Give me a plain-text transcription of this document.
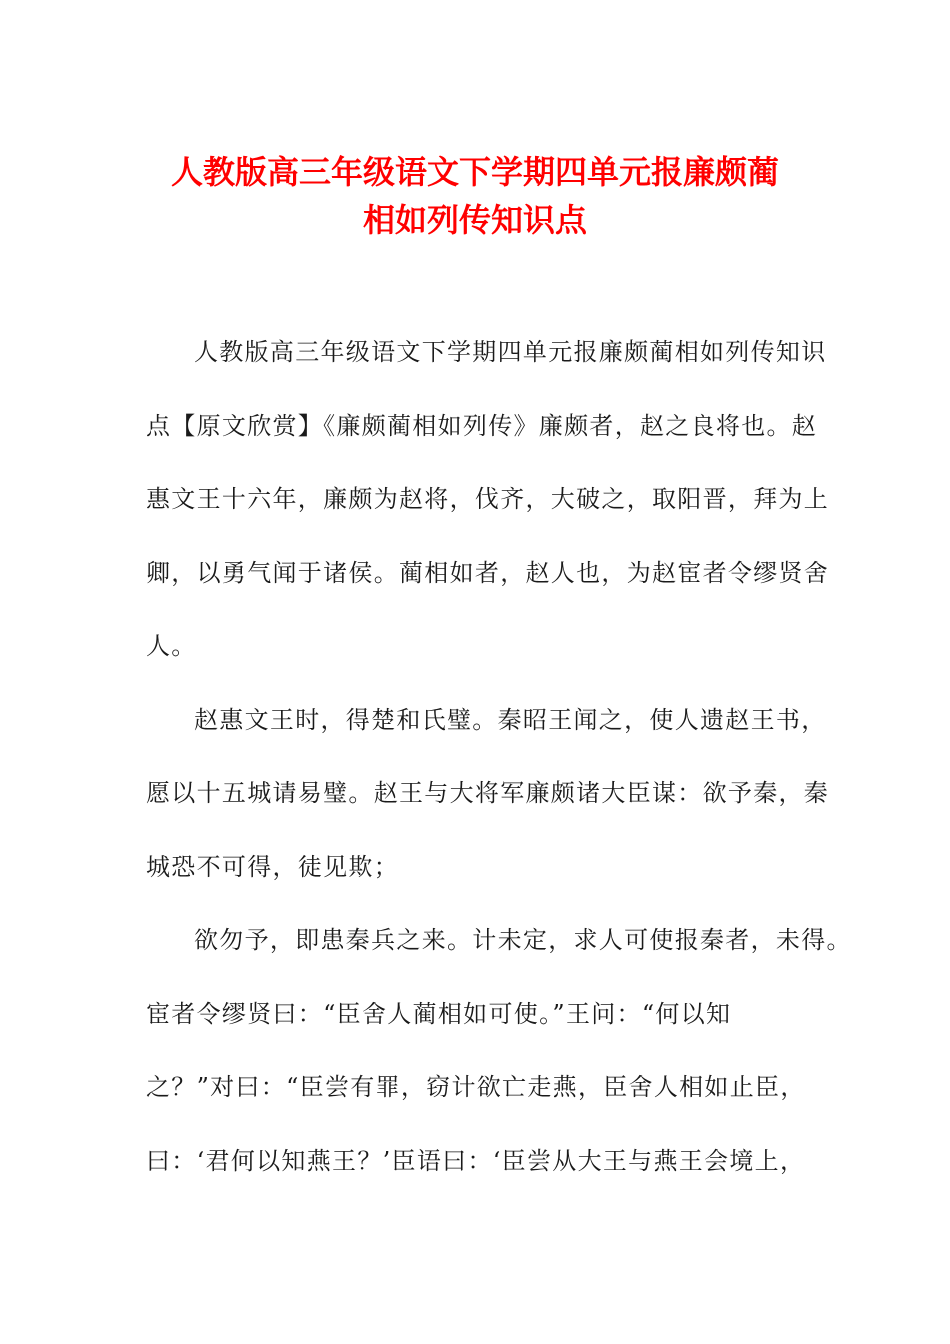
人教版高三年级语文下学期四单元报廉颇蔺
相如列传知识点

人教版高三年级语文下学期四单元报廉颇蔺相如列传知识

点【原文欣赏】《廉颇蔺相如列传》廉颇者，赵之良将也。赵

惠文王十六年，廉颇为赵将，伐齐，大破之，取阳晋，拜为上

卿，以勇气闻于诸侯。蔺相如者，赵人也，为赵宦者令缪贤舍

人。

赵惠文王时，得楚和氏璧。秦昭王闻之，使人遗赵王书，

愿以十五城请易璧。赵王与大将军廉颇诸大臣谋：欲予秦，秦

城恐不可得，徒见欺；

欲勿予，即患秦兵之来。计未定，求人可使报秦者，未得。

宦者令缪贤曰：“臣舍人蔺相如可使。”王问：“何以知

之？”对曰：“臣尝有罪，窃计欲亡走燕，臣舍人相如止臣，

曰：‘君何以知燕王？’臣语曰：‘臣尝从大王与燕王会境上，
